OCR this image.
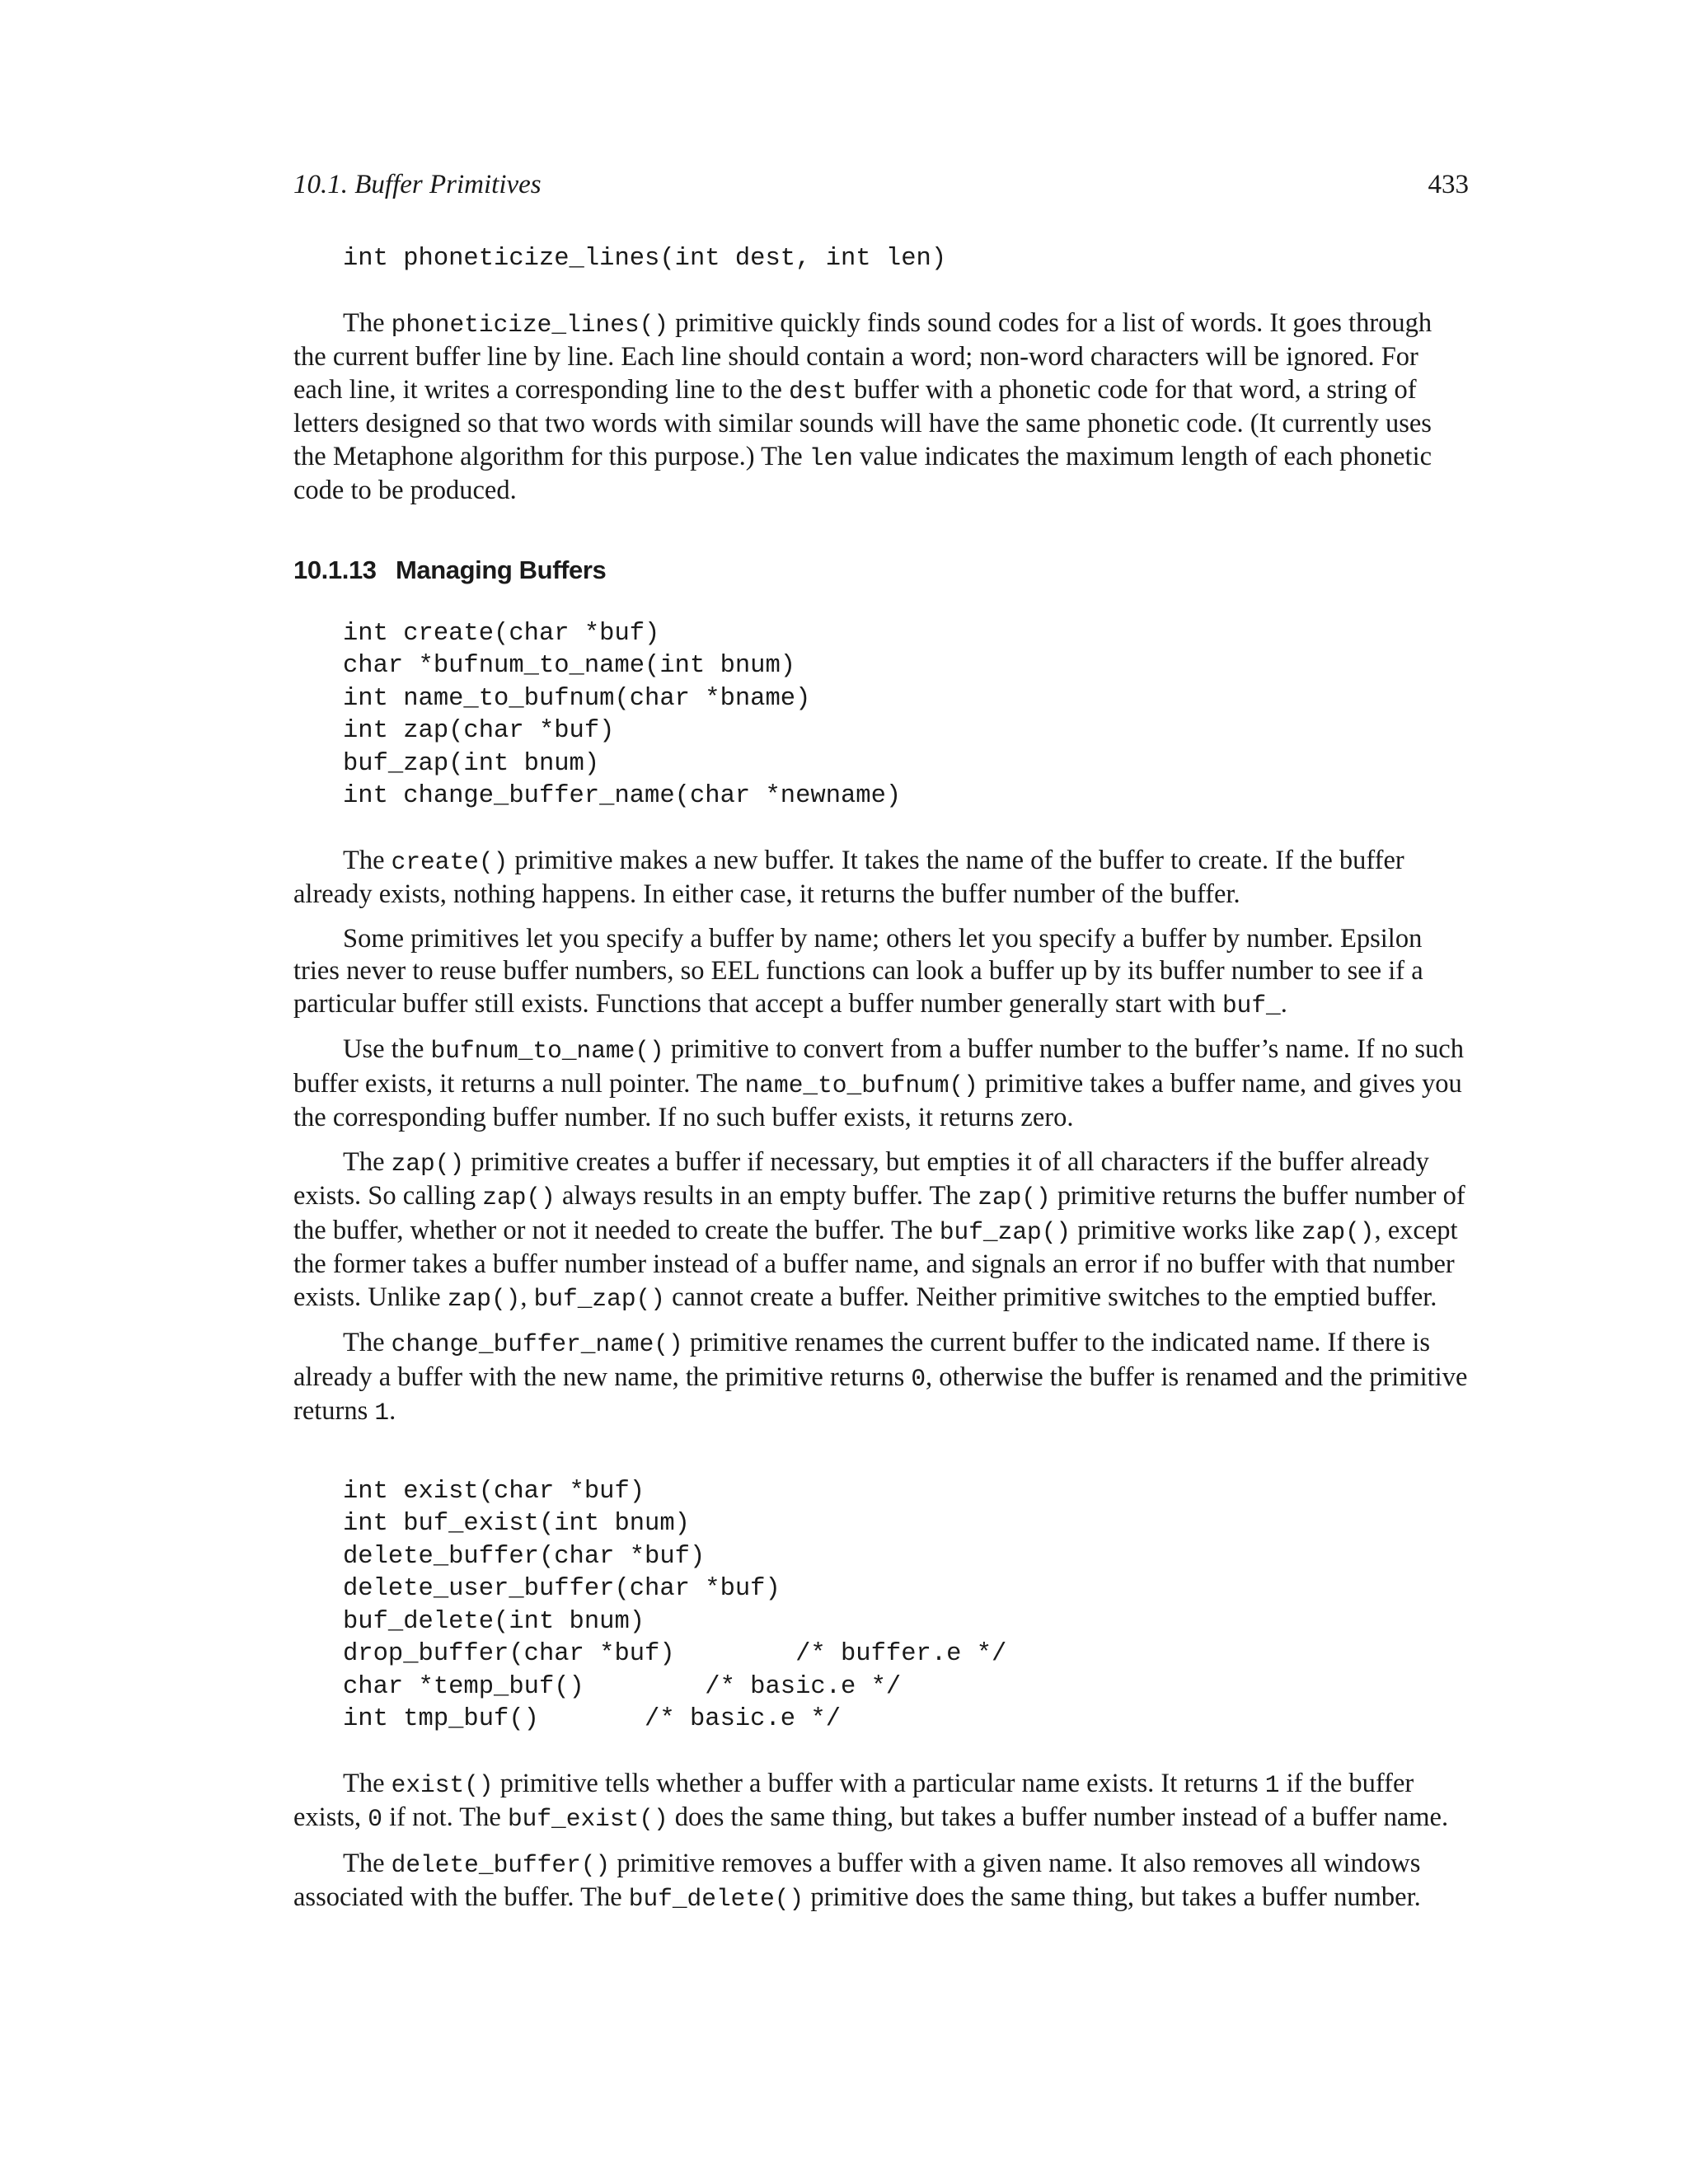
10.1. Buffer Primitives	433
int phoneticize_lines(int dest, int len)

The phoneticize_lines() primitive quickly finds sound codes for a list of words. It goes through the current buffer line by line. Each line should contain a word; non-word characters will be ignored. For each line, it writes a corresponding line to the dest buffer with a phonetic code for that word, a string of letters designed so that two words with similar sounds will have the same phonetic code. (It currently uses the Metaphone algorithm for this purpose.) The len value indicates the maximum length of each phonetic code to be produced.

10.1.13 Managing Buffers
int create(char *buf)
char *bufnum_to_name(int bnum)
int name_to_bufnum(char *bname)
int zap(char *buf)
buf_zap(int bnum)
int change_buffer_name(char *newname)

The create() primitive makes a new buffer. It takes the name of the buffer to create. If the buffer already exists, nothing happens. In either case, it returns the buffer number of the buffer.

Some primitives let you specify a buffer by name; others let you specify a buffer by number. Epsilon tries never to reuse buffer numbers, so EEL functions can look a buffer up by its buffer number to see if a particular buffer still exists. Functions that accept a buffer number generally start with buf_.

Use the bufnum_to_name() primitive to convert from a buffer number to the buffer’s name. If no such buffer exists, it returns a null pointer. The name_to_bufnum() primitive takes a buffer name, and gives you the corresponding buffer number. If no such buffer exists, it returns zero.

The zap() primitive creates a buffer if necessary, but empties it of all characters if the buffer already exists. So calling zap() always results in an empty buffer. The zap() primitive returns the buffer number of the buffer, whether or not it needed to create the buffer. The buf_zap() primitive works like zap(), except the former takes a buffer number instead of a buffer name, and signals an error if no buffer with that number exists. Unlike zap(), buf_zap() cannot create a buffer. Neither primitive switches to the emptied buffer.

The change_buffer_name() primitive renames the current buffer to the indicated name. If there is already a buffer with the new name, the primitive returns 0, otherwise the buffer is renamed and the primitive returns 1.

int exist(char *buf)
int buf_exist(int bnum)
delete_buffer(char *buf)
delete_user_buffer(char *buf)
buf_delete(int bnum)
drop_buffer(char *buf)        /* buffer.e */
char *temp_buf()        /* basic.e */
int tmp_buf()       /* basic.e */

The exist() primitive tells whether a buffer with a particular name exists. It returns 1 if the buffer exists, 0 if not. The buf_exist() does the same thing, but takes a buffer number instead of a buffer name.

The delete_buffer() primitive removes a buffer with a given name. It also removes all windows associated with the buffer. The buf_delete() primitive does the same thing, but takes a buffer number.
